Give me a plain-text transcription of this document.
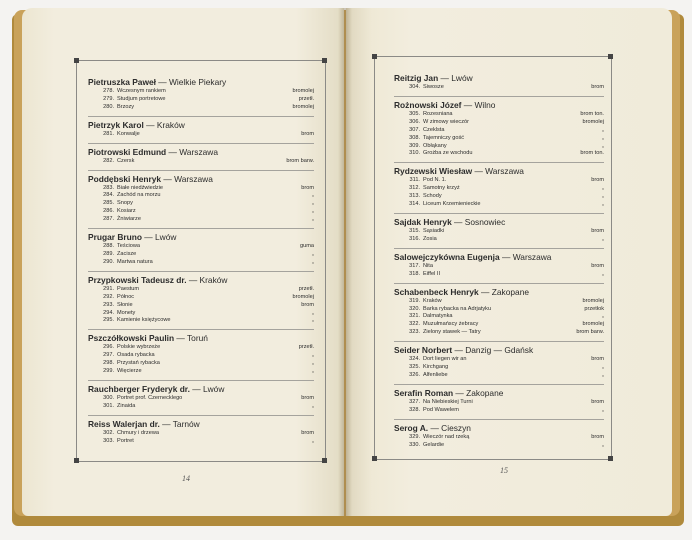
Pietruszka Paweł — Wielkie Piekary
278. Wczesnym rankiem	bromolej
279. Studjum portretowe	przetł.
280. Brzozy	bromolej
Pietrzyk Karol — Kraków
281. Konwalje	brom
Piotrowski Edmund — Warszawa
282. Czersk	brom barw.
Poddębski Henryk — Warszawa
283. Białe niedźwiedzie	brom
284. Zachód na morzu	„
285. Snopy	„
286. Kosiarz	„
287. Żniwiarze	„
Prugar Bruno — Lwów
288. Teściowa	guma
289. Zacisze	„
290. Martwa natura	„
Przypkowski Tadeusz dr. — Kraków
291. Paestum	przetł.
292. Północ	bromolej
293. Słonie	brom
294. Monety	„
295. Kamienie księżycowe	„
Pszczółkowski Paulin — Toruń
296. Polskie wybrzeże	przetł.
297. Osada rybacka	„
298. Przystań rybacka	„
299. Więcierze	„
Rauchberger Fryderyk dr. — Lwów
300. Portret prof. Czernecklego	brom
301. Zinaida	„
Reiss Walerjan dr. — Tarnów
302. Chmury i drzewa	brom
303. Portret	„
14
Reitzig Jan — Lwów
304. Siwosze	brom
Rożnowski Józef — Wilno
305. Rozesniana	brom ton.
306. W zimowy wieczór	bromolej
307. Czeklsta	„
308. Tajemniczy gość	„
309. Obłąkany	„
310. Grożba ze wschodu	brom ton.
Rydzewski Wiesław — Warszawa
311. Pod N. 1.	brom
312. Samotny krzyż	„
313. Schody	„
314. Liceum Krzemienieckie	„
Sajdak Henryk — Sosnowiec
315. Sąsiadki	brom
316. Zosia	„
Salowejczykówna Eugenja — Warszawa
317. Nita	brom
318. Eiffel II	„
Schabenbeck Henryk — Zakopane
319. Kraków	bromolej
320. Barka rybacka na Adrjatyku	przetłok
321. Dalmatynka	„
322. Muzułmańscy żebracy	bromolej
323. Zielony stawek — Tatry	brom barw.
Seider Norbert — Danzig — Gdańsk
324. Dort liegen wir an	brom
325. Kirchgang	„
326. Alfenliebe	„
Serafin Roman — Zakopane
327. Na Niebieskiej Turni	brom
328. Pod Wawelem	„
Serog A. — Cieszyn
329. Wieczór nad rzeką	brom
330. Gelardie	„
15
